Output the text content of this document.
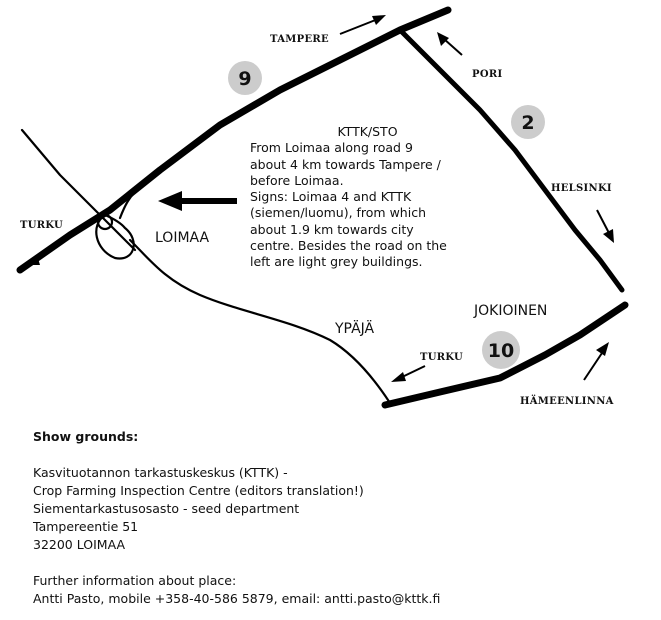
9
2
10
TAMPERE
PORI
HELSINKI
TURKU
TURKU
HÄMEENLINNA
LOIMAA
YPÄJÄ
JOKIOINEN
KTTK/STO
From Loimaa along road 9
about 4 km towards Tampere /
before Loimaa.
Signs: Loimaa 4 and KTTK
(siemen/luomu), from which
about 1.9 km towards city
centre. Besides the road on the
left are light grey buildings.
Show grounds:
Kasvituotannon tarkastuskeskus (KTTK) -
Crop Farming Inspection Centre (editors translation!)
Siementarkastusosasto - seed department
Tampereentie 51
32200 LOIMAA
Further information about place:
Antti Pasto, mobile +358-40-586 5879, email: antti.pasto@kttk.fi
